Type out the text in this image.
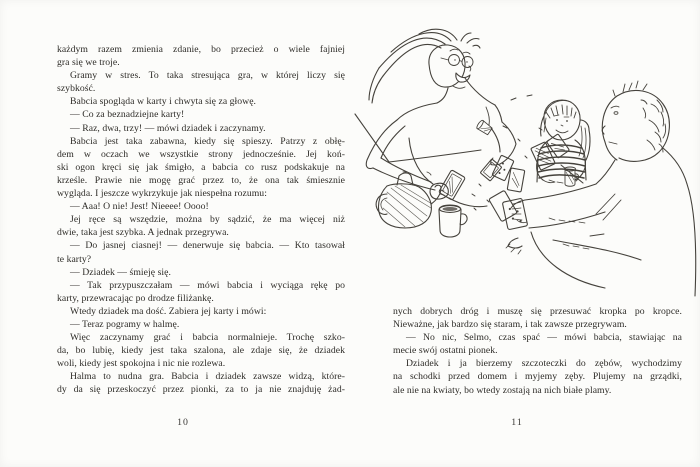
każdym razem zmienia zdanie, bo przecież o wiele fajniej
gra się we troje.
Gramy w stres. To taka stresująca gra, w której liczy się
szybkość.
Babcia spogląda w karty i chwyta się za głowę.
— Co za beznadziejne karty!
— Raz, dwa, trzy! — mówi dziadek i zaczynamy.
Babcia jest taka zabawna, kiedy się spieszy. Patrzy z obłę-
dem w oczach we wszystkie strony jednocześnie. Jej koń-
ski ogon kręci się jak śmigło, a babcia co rusz podskakuje na
krześle. Prawie nie mogę grać przez to, że ona tak śmiesznie
wygląda. I jeszcze wykrzykuje jak niespełna rozumu:
— Aaa! O nie! Jest! Nieeee! Oooo!
Jej ręce są wszędzie, można by sądzić, że ma więcej niż
dwie, taka jest szybka. A jednak przegrywa.
— Do jasnej ciasnej! — denerwuje się babcia. — Kto tasował
te karty?
— Dziadek — śmieję się.
— Tak przypuszczałam — mówi babcia i wyciąga rękę po
karty, przewracając po drodze filiżankę.
Wtedy dziadek ma dość. Zabiera jej karty i mówi:
— Teraz pogramy w halmę.
Więc zaczynamy grać i babcia normalnieje. Trochę szko-
da, bo lubię, kiedy jest taka szalona, ale zdaje się, że dziadek
woli, kiedy jest spokojna i nic nie rozlewa.
Halma to nudna gra. Babcia i dziadek zawsze widzą, które-
dy da się przeskoczyć przez pionki, za to ja nie znajduję żad-
10
nych dobrych dróg i muszę się przesuwać kropka po kropce.
Nieważne, jak bardzo się staram, i tak zawsze przegrywam.
— No nic, Selmo, czas spać — mówi babcia, stawiając na
mecie swój ostatni pionek.
Dziadek i ja bierzemy szczoteczki do zębów, wychodzimy
na schodki przed domem i myjemy zęby. Plujemy na grządki,
ale nie na kwiaty, bo wtedy zostają na nich białe plamy.
11
